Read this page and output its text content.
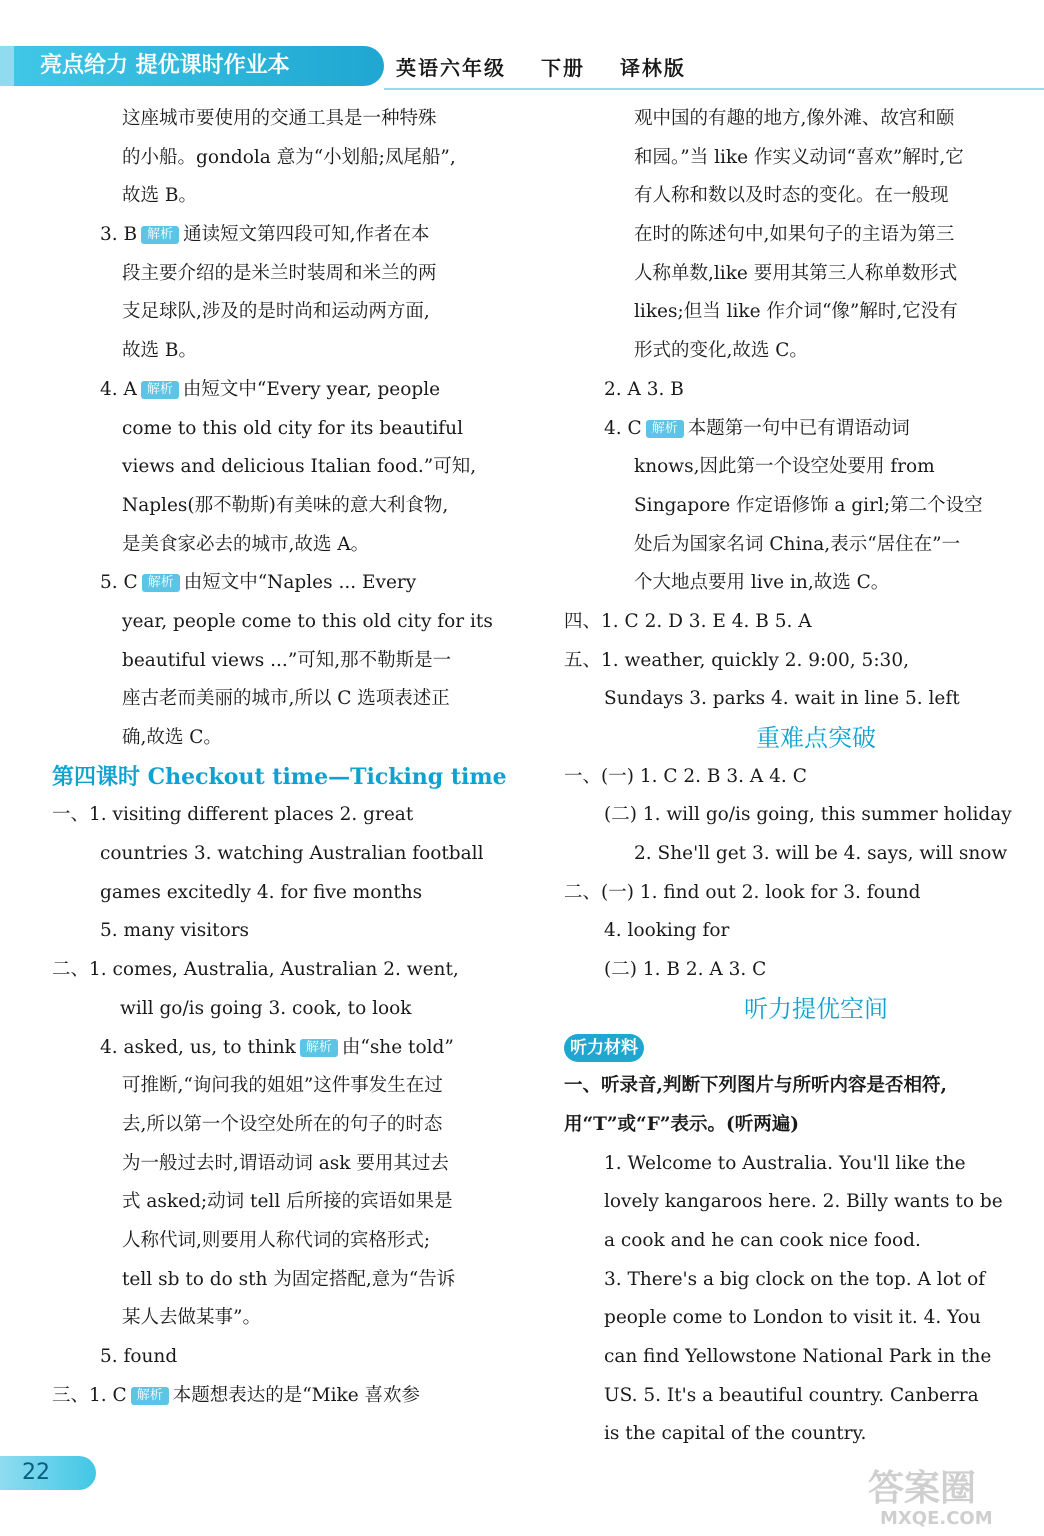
亮点给力 提优课时作业本	英语六年级 下册 译林版
这座城市要使用的交通工具是一种特殊
的小船。gondola 意为“小划船;凤尾船”,
故选 B。
3. B 解析 通读短文第四段可知,作者在本
段主要介绍的是米兰时装周和米兰的两
支足球队,涉及的是时尚和运动两方面,
故选 B。
4. A 解析 由短文中“Every year, people
come to this old city for its beautiful
views and delicious Italian food.”可知,
Naples(那不勒斯)有美味的意大利食物,
是美食家必去的城市,故选 A。
5. C 解析 由短文中“Naples ... Every
year, people come to this old city for its
beautiful views ...”可知,那不勒斯是一
座古老而美丽的城市,所以 C 选项表述正
确,故选 C。
第四课时 Checkout time—Ticking time
一、1. visiting different places 2. great
countries 3. watching Australian football
games excitedly 4. for five months
5. many visitors
二、1. comes, Australia, Australian 2. went,
will go/is going 3. cook, to look
4. asked, us, to think 解析 由“she told”
可推断,“询问我的姐姐”这件事发生在过
去,所以第一个设空处所在的句子的时态
为一般过去时,谓语动词 ask 要用其过去
式 asked;动词 tell 后所接的宾语如果是
人称代词,则要用人称代词的宾格形式;
tell sb to do sth 为固定搭配,意为“告诉
某人去做某事”。
5. found
三、1. C 解析 本题想表达的是“Mike 喜欢参
观中国的有趣的地方,像外滩、故宫和颐
和园。”当 like 作实义动词“喜欢”解时,它
有人称和数以及时态的变化。在一般现
在时的陈述句中,如果句子的主语为第三
人称单数,like 要用其第三人称单数形式
likes;但当 like 作介词“像”解时,它没有
形式的变化,故选 C。
2. A 3. B
4. C 解析 本题第一句中已有谓语动词
knows,因此第一个设空处要用 from
Singapore 作定语修饰 a girl;第二个设空
处后为国家名词 China,表示“居住在”一
个大地点要用 live in,故选 C。
四、1. C 2. D 3. E 4. B 5. A
五、1. weather, quickly 2. 9:00, 5:30,
Sundays 3. parks 4. wait in line 5. left
重难点突破
一、(一) 1. C 2. B 3. A 4. C
(二) 1. will go/is going, this summer holiday
2. She'll get 3. will be 4. says, will snow
二、(一) 1. find out 2. look for 3. found
4. looking for
(二) 1. B 2. A 3. C
听力提优空间
听力材料
一、听录音,判断下列图片与所听内容是否相符,
用“T”或“F”表示。(听两遍)
1. Welcome to Australia. You'll like the
lovely kangaroos here. 2. Billy wants to be
a cook and he can cook nice food.
3. There's a big clock on the top. A lot of
people come to London to visit it. 4. You
can find Yellowstone National Park in the
US. 5. It's a beautiful country. Canberra
is the capital of the country.
22	答案圈
MXQE.COM
